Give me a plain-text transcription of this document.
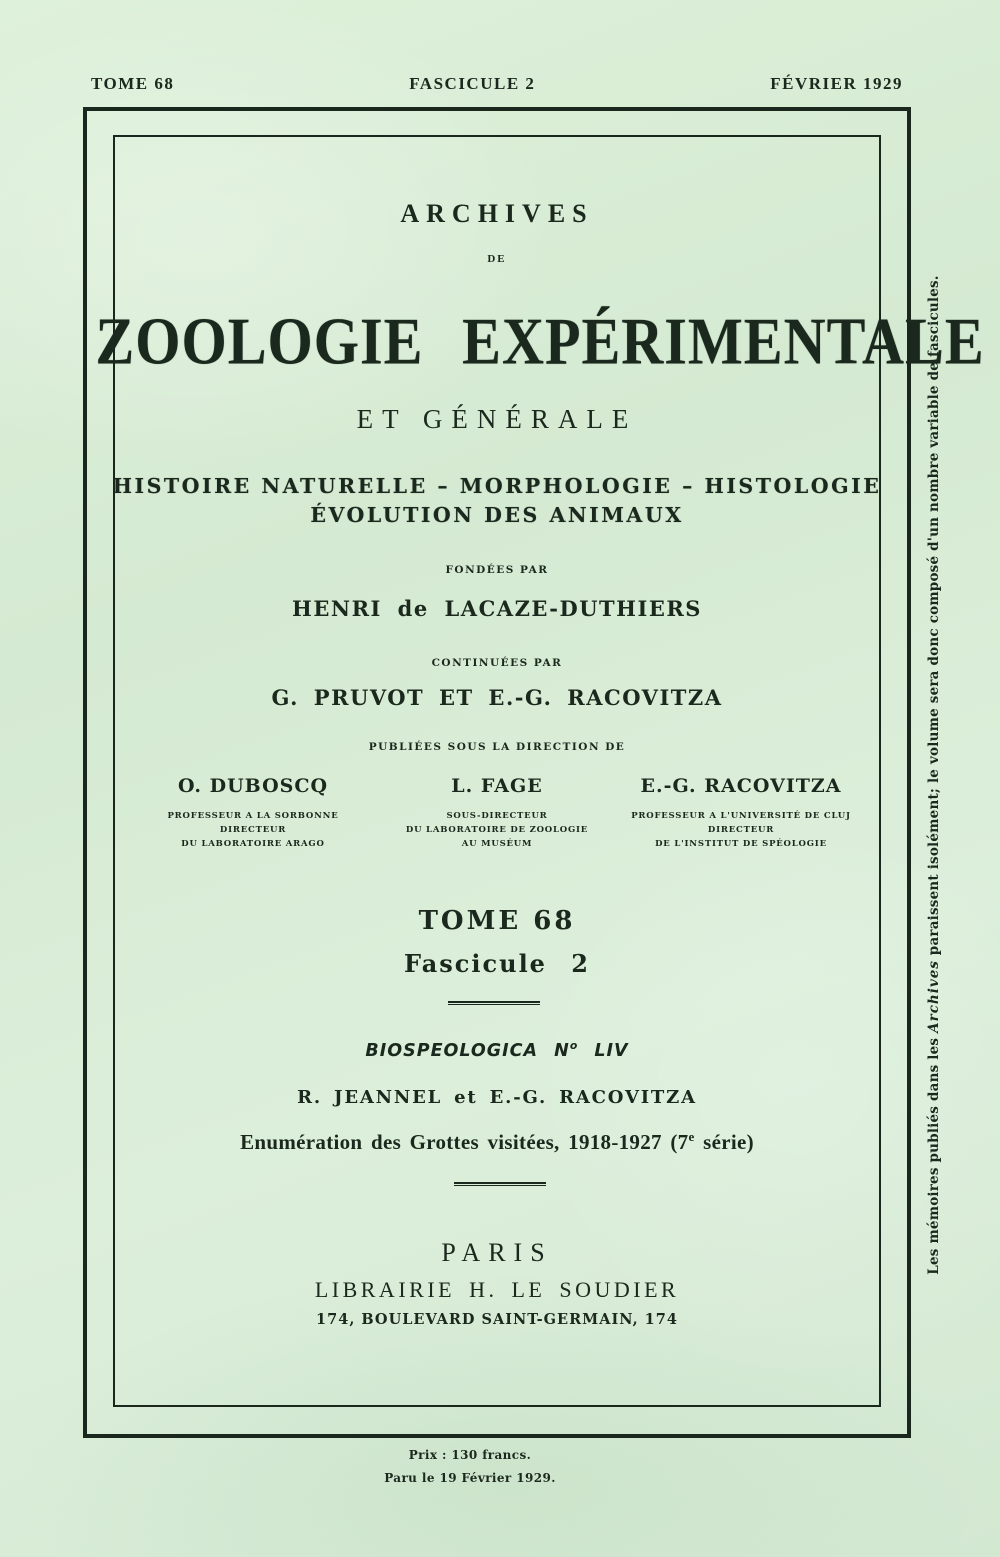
TOME 68	FASCICULE 2	FÉVRIER 1929
ARCHIVES
DE
ZOOLOGIE EXPÉRIMENTALE
ET GÉNÉRALE
HISTOIRE NATURELLE – MORPHOLOGIE – HISTOLOGIE
ÉVOLUTION DES ANIMAUX
FONDÉES PAR
HENRI de LACAZE-DUTHIERS
CONTINUÉES PAR
G. PRUVOT ET E.-G. RACOVITZA
PUBLIÉES SOUS LA DIRECTION DE
O. DUBOSCQ
PROFESSEUR A LA SORBONNE
DIRECTEUR
DU LABORATOIRE ARAGO
L. FAGE
SOUS-DIRECTEUR
DU LABORATOIRE DE ZOOLOGIE
AU MUSÉUM
E.-G. RACOVITZA
PROFESSEUR A L'UNIVERSITÉ DE CLUJ
DIRECTEUR
DE L'INSTITUT DE SPÉOLOGIE
TOME 68
Fascicule 2
BIOSPEOLOGICA $N^o$ LIV
R. JEANNEL et E.-G. RACOVITZA
Enumération des Grottes visitées, 1918-1927 (7e série)
PARIS
LIBRAIRIE H. LE SOUDIER
174, BOULEVARD SAINT-GERMAIN, 174
Prix : 130 francs.
Paru le 19 Février 1929.
Les mémoires publiés dans les Archives paraissent isolément; le volume sera donc composé d'un nombre variable de fascicules.
